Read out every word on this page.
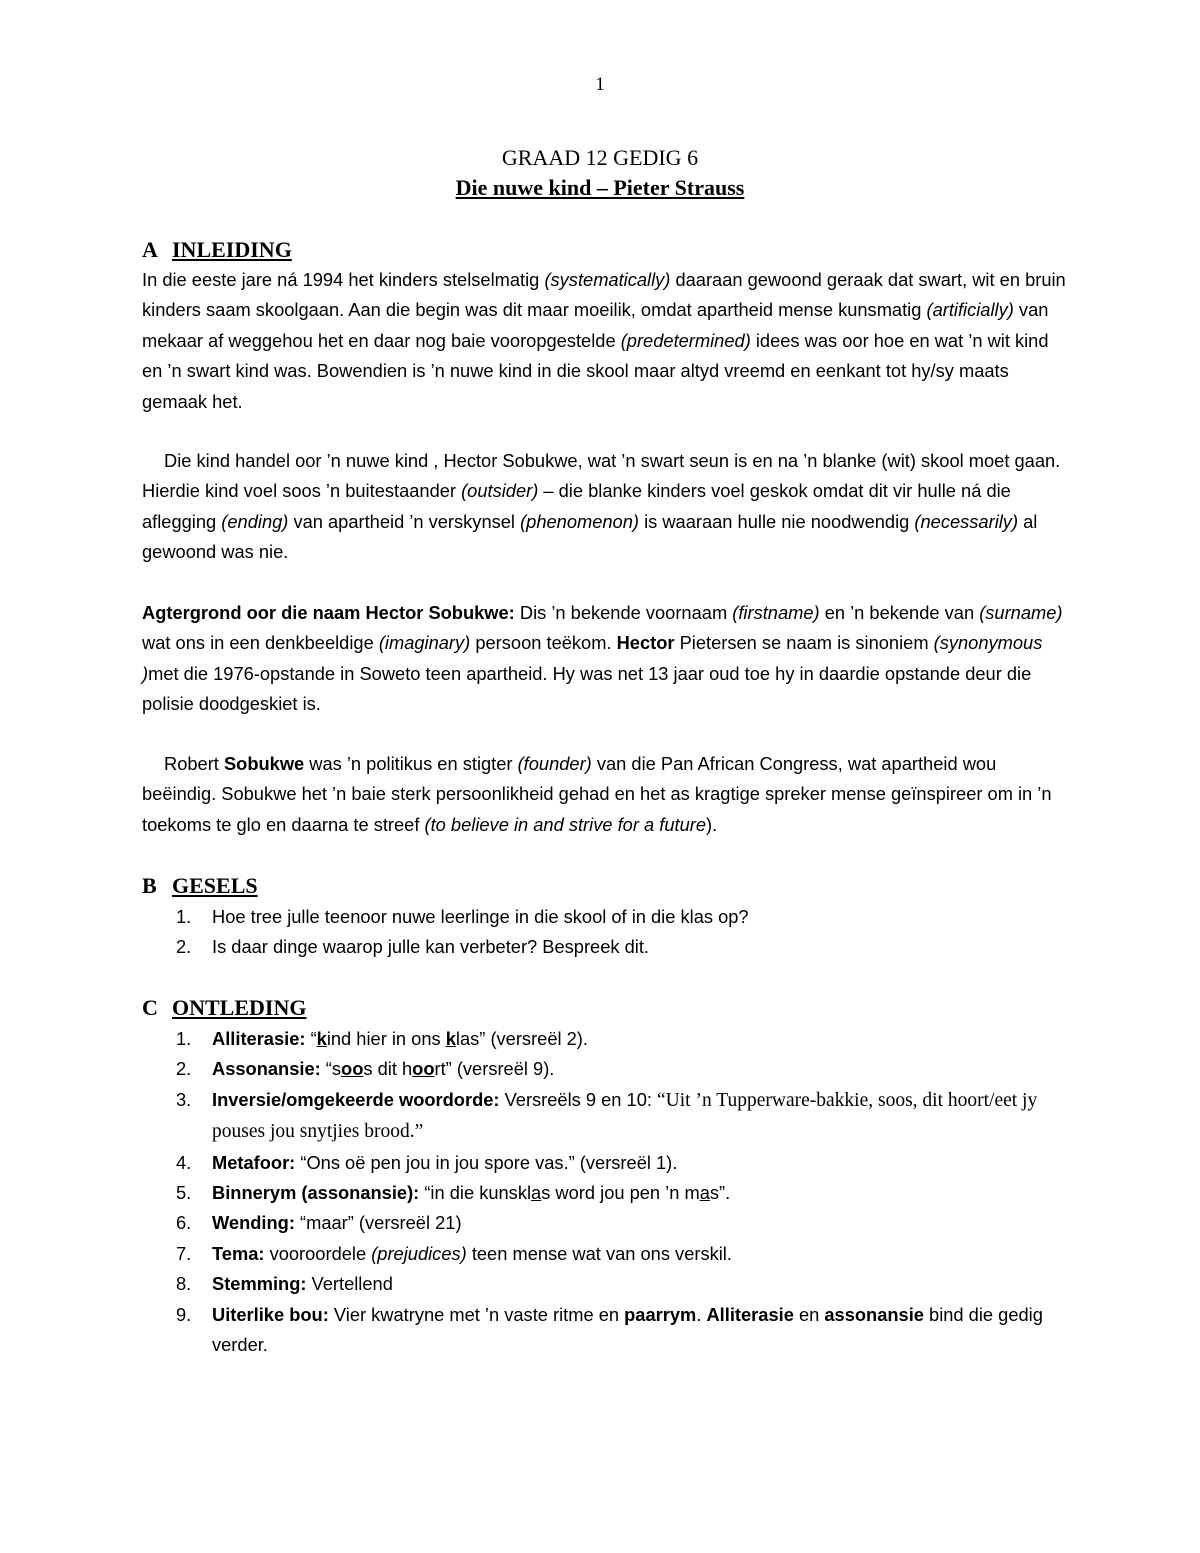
1
GRAAD 12 GEDIG 6
Die nuwe kind – Pieter Strauss
A INLEIDING
In die eeste jare ná 1994 het kinders stelselmatig (systematically) daaraan gewoond geraak dat swart, wit en bruin kinders saam skoolgaan. Aan die begin was dit maar moeilik, omdat apartheid mense kunsmatig (artificially) van mekaar af weggehou het en daar nog baie vooropgestelde (predetermined) idees was oor hoe en wat ’n wit kind en ’n swart kind was. Bowendien is ’n nuwe kind in die skool maar altyd vreemd en eenkant tot hy/sy maats gemaak het.
Die kind handel oor ’n nuwe kind , Hector Sobukwe, wat ’n swart seun is en na ’n blanke (wit) skool moet gaan. Hierdie kind voel soos ’n buitestaander (outsider) – die blanke kinders voel geskok omdat dit vir hulle ná die aflegging (ending) van apartheid ’n verskynsel (phenomenon) is waaraan hulle nie noodwendig (necessarily) al gewoond was nie.
Agtergrond oor die naam Hector Sobukwe: Dis ’n bekende voornaam (firstname) en ’n bekende van (surname) wat ons in een denkbeeldige (imaginary) persoon teëkom. Hector Pietersen se naam is sinoniem (synonymous )met die 1976-opstande in Soweto teen apartheid. Hy was net 13 jaar oud toe hy in daardie opstande deur die polisie doodgeskiet is.
Robert Sobukwe was ’n politikus en stigter (founder) van die Pan African Congress, wat apartheid wou beëindig. Sobukwe het ’n baie sterk persoonlikheid gehad en het as kragtige spreker mense geïnspireer om in ’n toekoms te glo en daarna te streef (to believe in and strive for a future).
B GESELS
1. Hoe tree julle teenoor nuwe leerlinge in die skool of in die klas op?
2. Is daar dinge waarop julle kan verbeter? Bespreek dit.
C ONTLEDING
1. Alliterasie: “kind hier in ons klas” (versreël 2).
2. Assonansie: “soos dit hoort” (versreël 9).
3. Inversie/omgekeerde woordorde: Versreëls 9 en 10: “Uit ’n Tupperware-bakkie, soos, dit hoort/eet jy pouses jou snytjies brood.”
4. Metafoor: “Ons oë pen jou in jou spore vas.” (versreël 1).
5. Binnerym (assonansie): “in die kunsklas word jou pen ’n mas”.
6. Wending: “maar” (versreël 21)
7. Tema: vooroordele (prejudices) teen mense wat van ons verskil.
8. Stemming: Vertellend
9. Uiterlike bou: Vier kwatryne met ’n vaste ritme en paarrym. Alliterasie en assonansie bind die gedig verder.
